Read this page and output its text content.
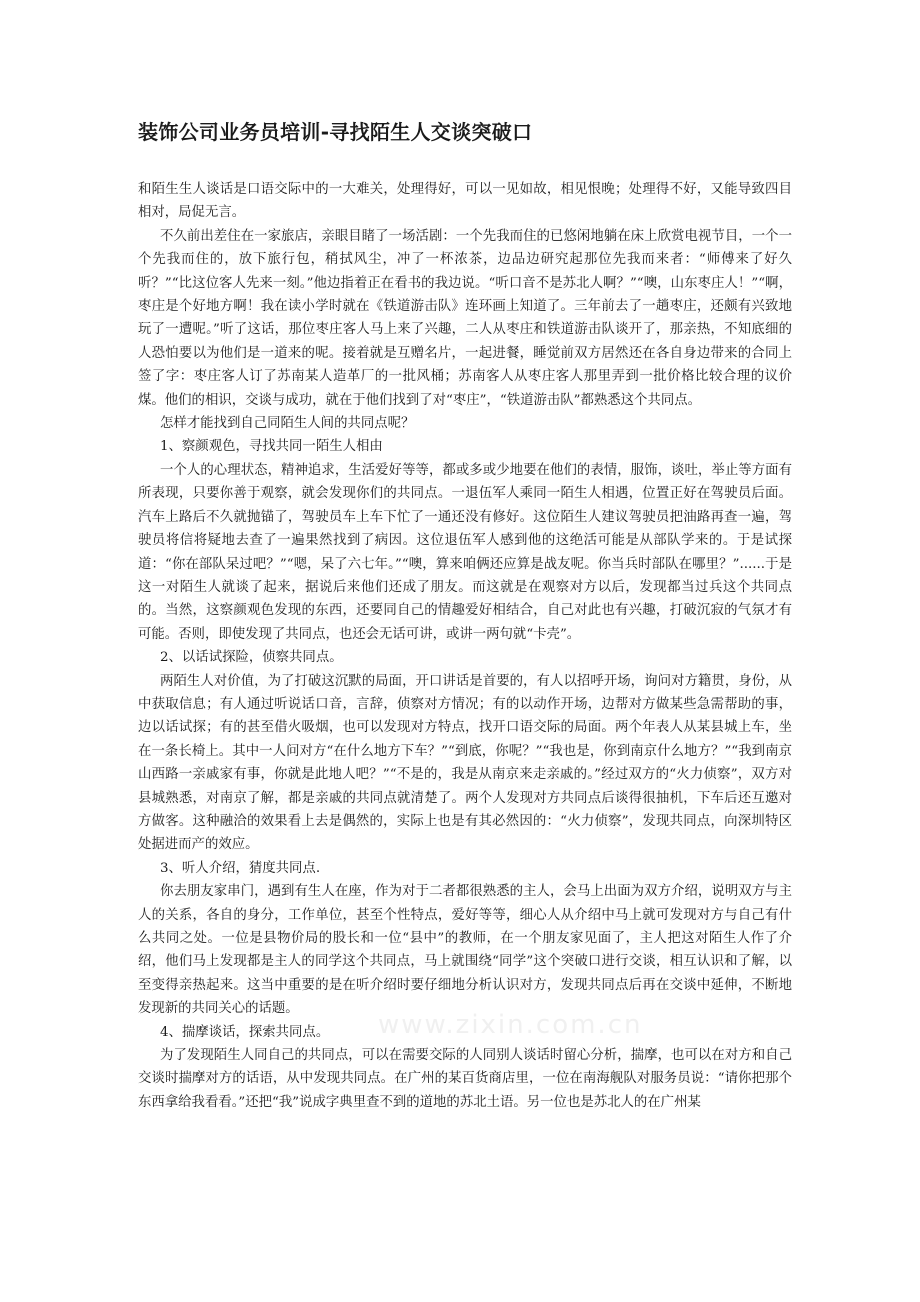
装饰公司业务员培训-寻找陌生人交谈突破口

和陌生生人谈话是口语交际中的一大难关，处理得好，可以一见如故，相见恨晚；处理得不好，又能导致四目相对，局促无言。

不久前出差住在一家旅店，亲眼目睹了一场活剧：一个先我而住的已悠闲地躺在床上欣赏电视节目，一个一个先我而住的，放下旅行包，稍拭风尘，冲了一杯浓茶，边品边研究起那位先我而来者：“师傅来了好久听？”“比这位客人先来一刻。”他边指着正在看书的我边说。“听口音不是苏北人啊？”“噢，山东枣庄人！”“啊，枣庄是个好地方啊！我在读小学时就在《铁道游击队》连环画上知道了。三年前去了一趟枣庄，还颇有兴致地玩了一遭呢。”听了这话，那位枣庄客人马上来了兴趣，二人从枣庄和铁道游击队谈开了，那亲热，不知底细的人恐怕要以为他们是一道来的呢。接着就是互赠名片，一起进餐，睡觉前双方居然还在各自身边带来的合同上签了字：枣庄客人订了苏南某人造革厂的一批风桶；苏南客人从枣庄客人那里弄到一批价格比较合理的议价煤。他们的相识，交谈与成功，就在于他们找到了对“枣庄”，“铁道游击队”都熟悉这个共同点。

怎样才能找到自己同陌生人间的共同点呢？

1、察颜观色，寻找共同一陌生人相由

一个人的心理状态，精神追求，生活爱好等等，都或多或少地要在他们的表情，服饰，谈吐，举止等方面有所表现，只要你善于观察，就会发现你们的共同点。一退伍军人乘同一陌生人相遇，位置正好在驾驶员后面。汽车上路后不久就抛锚了，驾驶员车上车下忙了一通还没有修好。这位陌生人建议驾驶员把油路再查一遍，驾驶员将信将疑地去查了一遍果然找到了病因。这位退伍军人感到他的这绝活可能是从部队学来的。于是试探道：“你在部队呆过吧？”“嗯，呆了六七年。”“噢，算来咱俩还应算是战友呢。你当兵时部队在哪里？”......于是这一对陌生人就谈了起来，据说后来他们还成了朋友。而这就是在观察对方以后，发现都当过兵这个共同点的。当然，这察颜观色发现的东西，还要同自己的情趣爱好相结合，自己对此也有兴趣，打破沉寂的气氛才有可能。否则，即使发现了共同点，也还会无话可讲，或讲一两句就“卡壳”。

2、以话试探险，侦察共同点。

两陌生人对价值，为了打破这沉默的局面，开口讲话是首要的，有人以招呼开场，询问对方籍贯，身份，从中获取信息；有人通过听说话口音，言辞，侦察对方情况；有的以动作开场，边帮对方做某些急需帮助的事，边以话试探；有的甚至借火吸烟，也可以发现对方特点，找开口语交际的局面。两个年表人从某县城上车，坐在一条长椅上。其中一人问对方“在什么地方下车？”“到底，你呢？”“我也是，你到南京什么地方？”“我到南京山西路一亲戚家有事，你就是此地人吧？”“不是的，我是从南京来走亲戚的。”经过双方的“火力侦察”，双方对县城熟悉，对南京了解，都是亲戚的共同点就清楚了。两个人发现对方共同点后谈得很抽机，下车后还互邀对方做客。这种融洽的效果看上去是偶然的，实际上也是有其必然因的：“火力侦察”，发现共同点，向深圳特区处据进而产的效应。

3、听人介绍，猜度共同点.

你去朋友家串门，遇到有生人在座，作为对于二者都很熟悉的主人，会马上出面为双方介绍，说明双方与主人的关系，各自的身分，工作单位，甚至个性特点，爱好等等，细心人从介绍中马上就可发现对方与自己有什么共同之处。一位是县物价局的股长和一位“县中”的教师，在一个朋友家见面了，主人把这对陌生人作了介绍，他们马上发现都是主人的同学这个共同点，马上就围绕“同学”这个突破口进行交谈，相互认识和了解，以至变得亲热起来。这当中重要的是在听介绍时要仔细地分析认识对方，发现共同点后再在交谈中延伸，不断地发现新的共同关心的话题。

4、揣摩谈话，探索共同点。

为了发现陌生人同自己的共同点，可以在需要交际的人同别人谈话时留心分析，揣摩，也可以在对方和自己交谈时揣摩对方的话语，从中发现共同点。在广州的某百货商店里，一位在南海舰队对服务员说：“请你把那个东西拿给我看看。”还把“我”说成字典里查不到的道地的苏北土语。另一位也是苏北人的在广州某

www.zixin.com.cn
